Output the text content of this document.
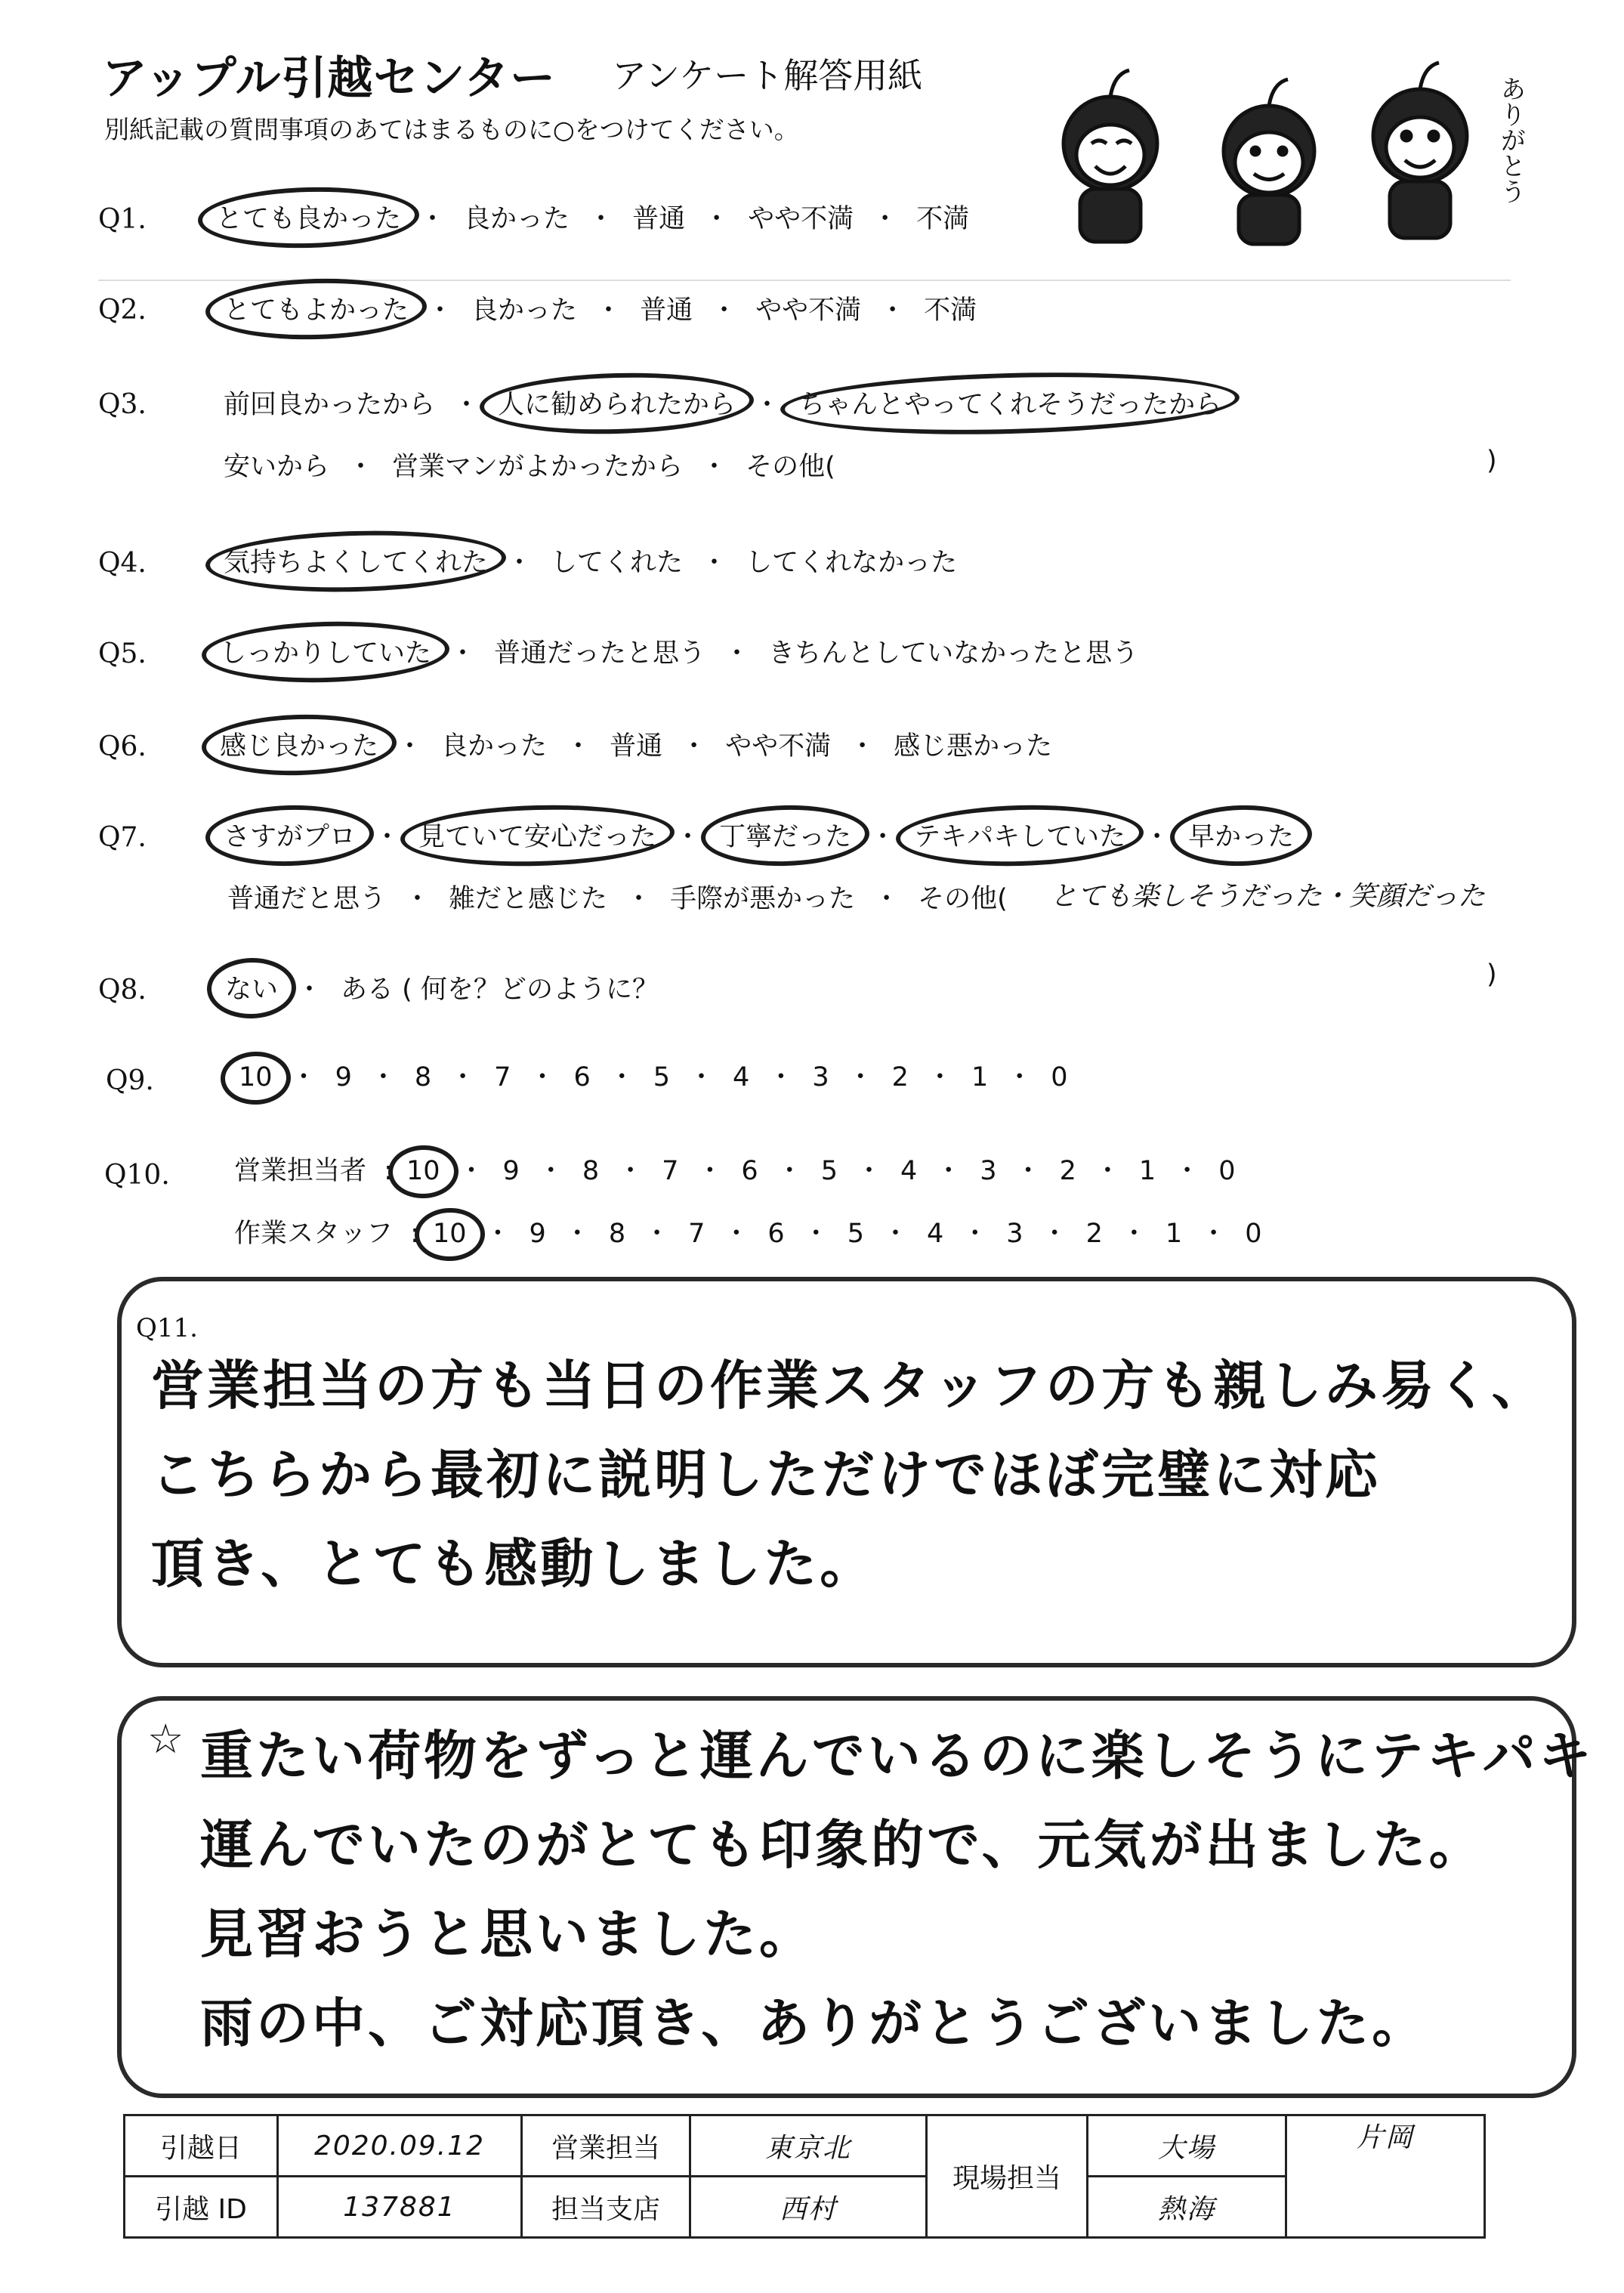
アップル引越センター アンケート解答用紙
別紙記載の質問事項のあてはまるものに○をつけてください。	ありがとう
Q1.	とても良かった ・ 良かった ・ 普通 ・ やや不満 ・ 不満
Q2.	とてもよかった ・ 良かった ・ 普通 ・ やや不満 ・ 不満
Q3.	前回良かったから ・ 人に勧められたから ・ ちゃんとやってくれそうだったから
安いから ・ 営業マンがよかったから ・ その他(	)
Q4.	気持ちよくしてくれた ・ してくれた ・ してくれなかった
Q5.	しっかりしていた ・ 普通だったと思う ・ きちんとしていなかったと思う
Q6.	感じ良かった ・ 良かった ・ 普通 ・ やや不満 ・ 感じ悪かった
Q7.	さすがプロ ・ 見ていて安心だった ・ 丁寧だった ・ テキパキしていた ・ 早かった
普通だと思う ・ 雑だと感じた ・ 手際が悪かった ・ その他( とても楽しそうだった・笑顔だった
Q8.	ない ・ ある ( 何を？どのように？	)
Q9.	10 ・ 9 ・ 8 ・ 7 ・ 6 ・ 5 ・ 4 ・ 3 ・ 2 ・ 1 ・ 0
Q10. 営業担当者 : 10 ・ 9 ・ 8 ・ 7 ・ 6 ・ 5 ・ 4 ・ 3 ・ 2 ・ 1 ・ 0
作業スタッフ : 10 ・ 9 ・ 8 ・ 7 ・ 6 ・ 5 ・ 4 ・ 3 ・ 2 ・ 1 ・ 0
Q11.
営業担当の方も当日の作業スタッフの方も親しみ易く、
こちらから最初に説明しただけでほぼ完璧に対応
頂き、とても感動しました。
☆ 重たい荷物をずっと運んでいるのに楽しそうにテキパキ
運んでいたのがとても印象的で、元気が出ました。
見習おうと思いました。
雨の中、ご対応頂き、ありがとうございました。
引越日	2020.09.12	営業担当	東京北	現場担当	大場	片岡
引越 ID	137881	担当支店	西村		熱海	
